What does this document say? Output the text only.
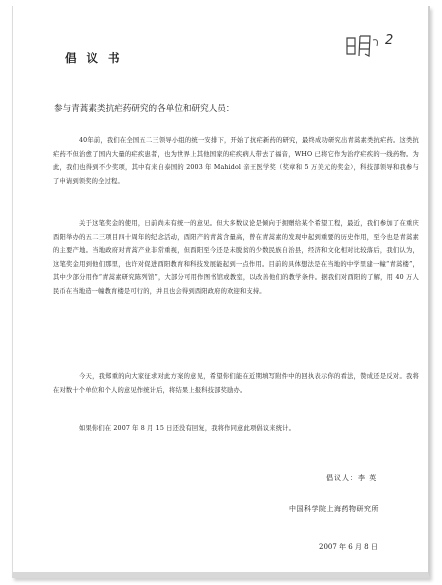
倡 议 书
2
参与青蒿素类抗疟药研究的各单位和研究人员：
40年前，我们在全国五二三领导小组的统一安排下，开始了抗疟新药的研究，最终成功研究出青蒿素类抗疟药。这类抗疟药不但治愈了国内大量的疟疾患者，也为世界上其他国家的疟疾病人带去了福音，WHO 已将它作为治疗疟疾的一线药物。为此，我们也得到不少奖项，其中有来自泰国的 2003 年 Mahidol 亲王医学奖（奖章和 5 万美元的奖金），科技部领导和我参与了申请到领奖的全过程。
关于这笔奖金的使用，日前尚未有统一的意见。但大多数议论是倾向于拥赠给某个希望工程，最近，我们参加了在重庆酉阳举办的五二三项目四十周年的纪念活动，酉阳产的青蒿含量高，曾在青蒿素的发现中起到重要的历史作用，至今也是青蒿素的主要产地。当地政府对青蒿产业非常重视，但酉阳至今还是未脱贫的少数民族自治县，经济和文化相对比较落后，我们认为，这笔奖金用到他们那里，也许对促进酉阳教育和科技发展能起到一点作用。目前的具体想法是在当地的中学里建一幢“青蒿楼”，其中少部分用作“青蒿素研究陈列馆”，大部分可用作图书馆或教室，以改善他们的教学条件。据我们对酉阳的了解，用 40 万人民币在当地造一幢教育楼是可行的，并且也会得到酉阳政府的欢迎和支持。
今天，我郑重的向大家征求对此方案的意见，希望你们能在近期填写附件中的回执表示你的看法，赞成还是反对。我将在对数十个单位和个人的意见作统计后，将结果上报科技部奖励办。
如果你们在 2007 年 8 月 15 日还没有回复，我将作同意此项倡议来统计。
倡议人：李 英
中国科学院上海药物研究所
2007 年 6 月 8 日
